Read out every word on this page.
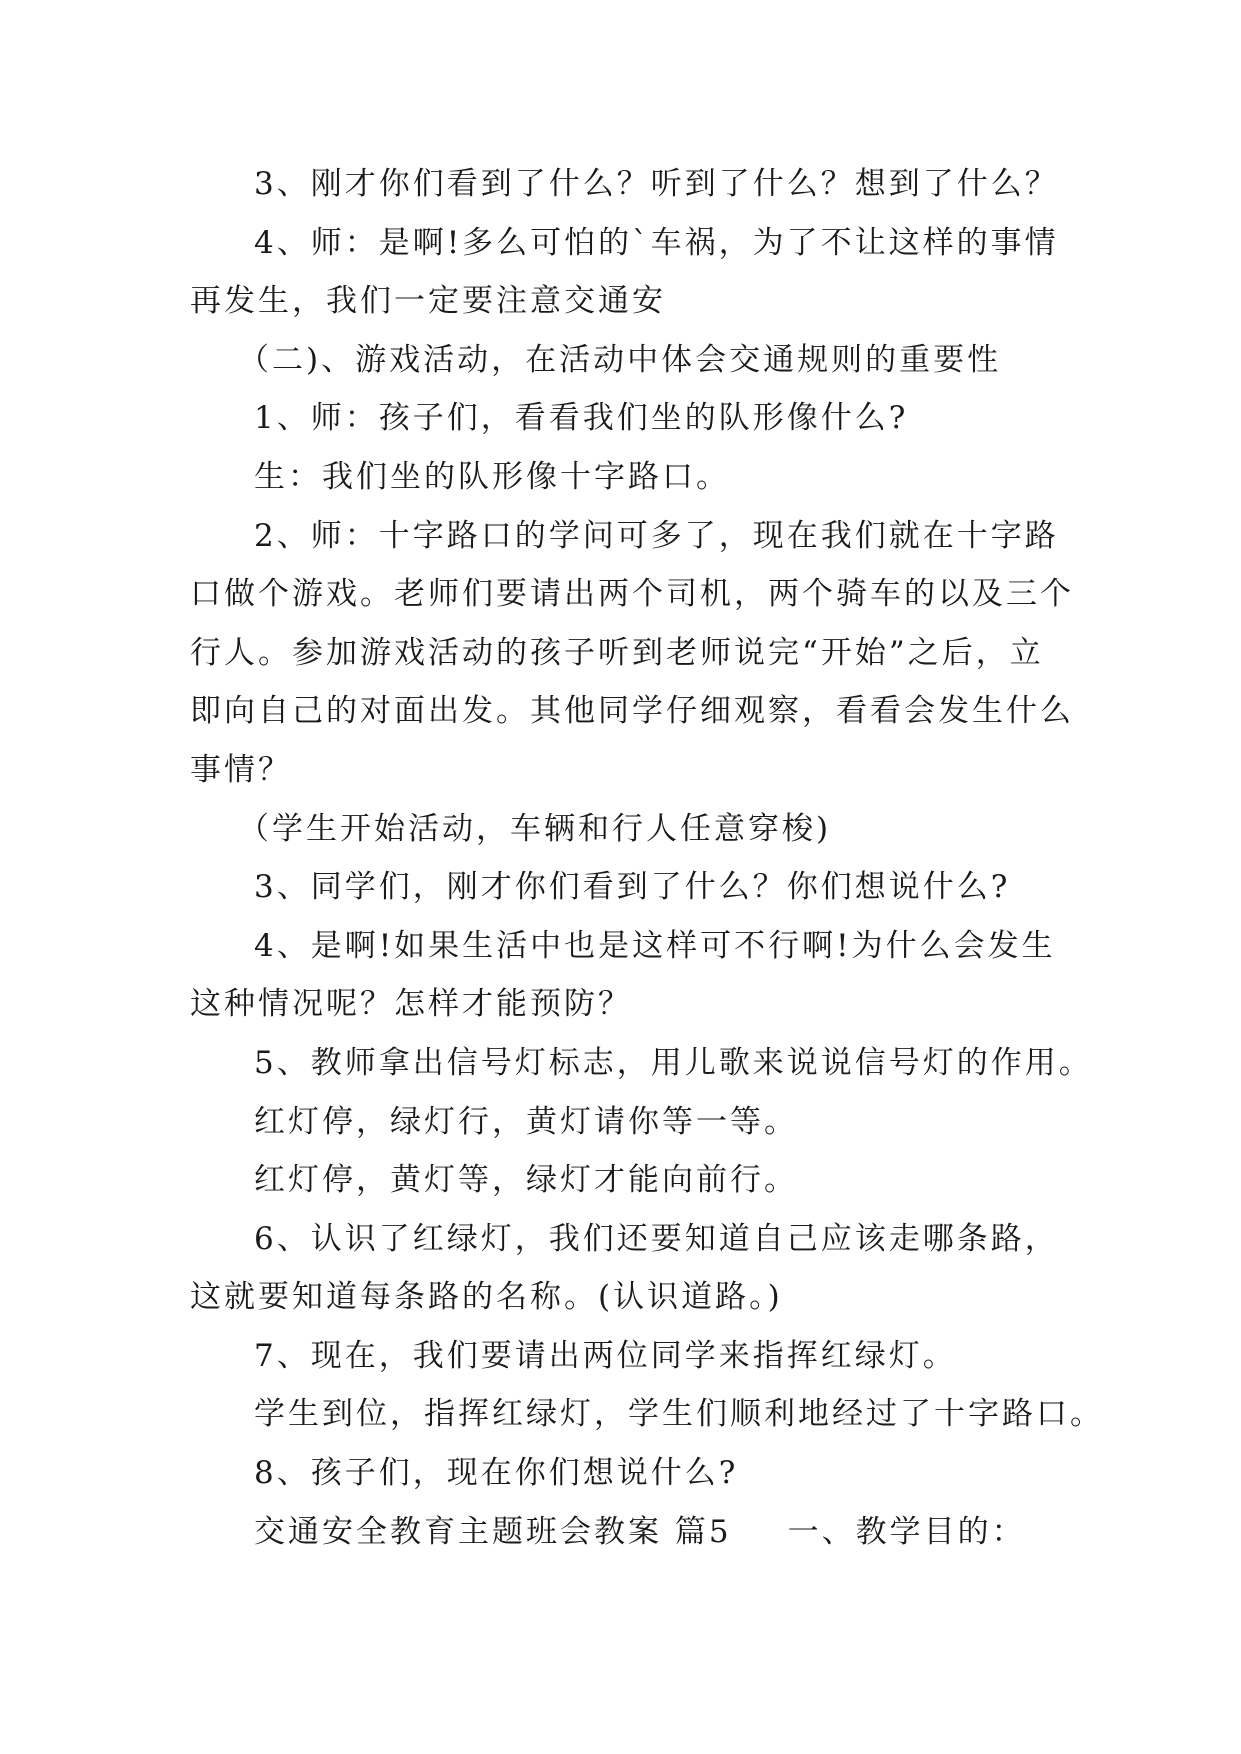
3、刚才你们看到了什么？听到了什么？想到了什么？

4、师：是啊!多么可怕的`车祸，为了不让这样的事情

再发生，我们一定要注意交通安

（二)、游戏活动，在活动中体会交通规则的重要性

1、师：孩子们，看看我们坐的队形像什么?

生：我们坐的队形像十字路口。

2、师：十字路口的学问可多了，现在我们就在十字路

口做个游戏。老师们要请出两个司机，两个骑车的以及三个

行人。参加游戏活动的孩子听到老师说完“开始”之后，立

即向自己的对面出发。其他同学仔细观察，看看会发生什么

事情？

（学生开始活动，车辆和行人任意穿梭)

3、同学们，刚才你们看到了什么？你们想说什么?

4、是啊!如果生活中也是这样可不行啊!为什么会发生

这种情况呢？怎样才能预防？

5、教师拿出信号灯标志，用儿歌来说说信号灯的作用。

红灯停，绿灯行，黄灯请你等一等。

红灯停，黄灯等，绿灯才能向前行。

6、认识了红绿灯，我们还要知道自己应该走哪条路，

这就要知道每条路的名称。(认识道路。)

7、现在，我们要请出两位同学来指挥红绿灯。

学生到位，指挥红绿灯，学生们顺利地经过了十字路口。

8、孩子们，现在你们想说什么?

交通安全教育主题班会教案 篇5 一、教学目的：
